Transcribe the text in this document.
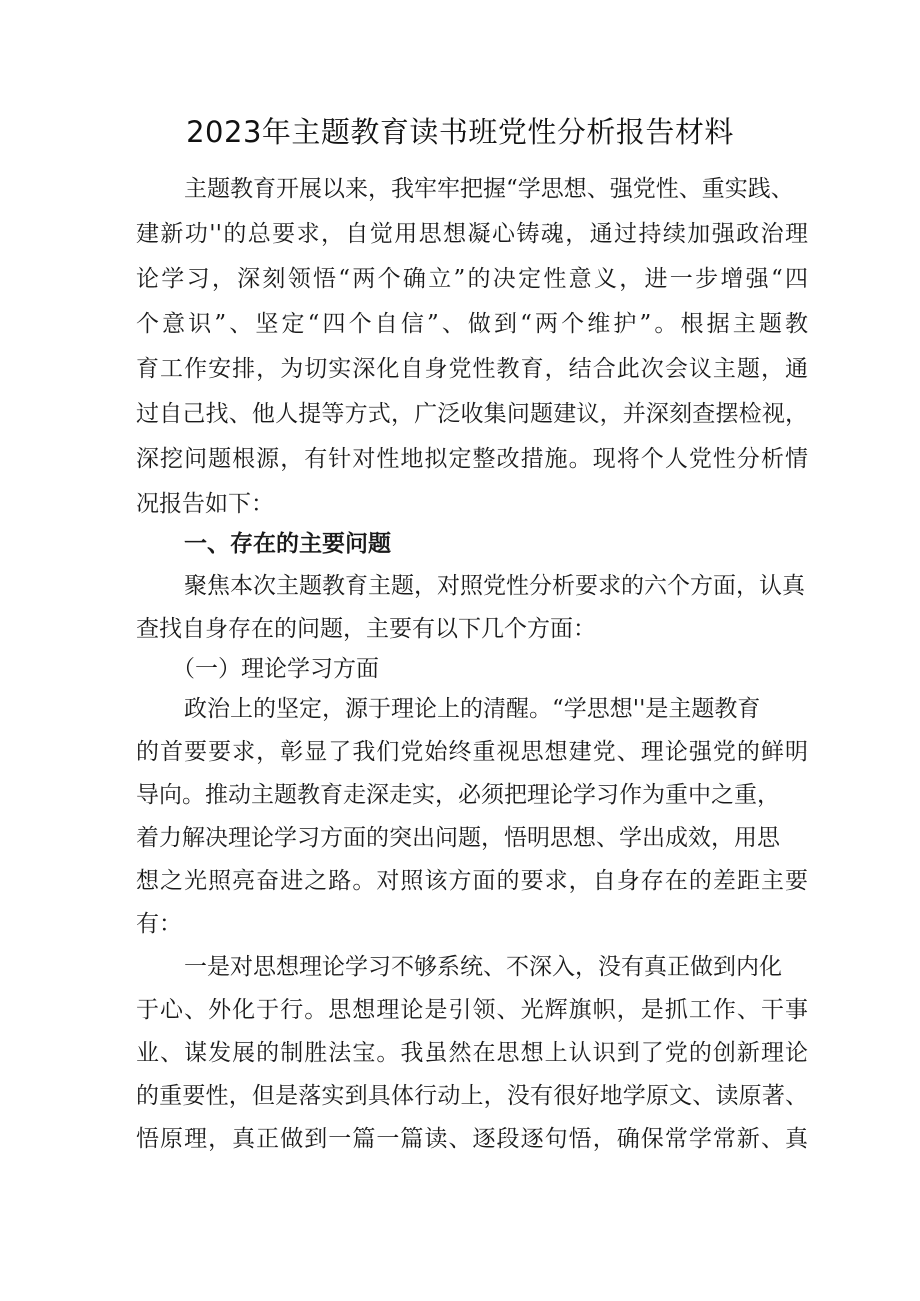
2023年主题教育读书班党性分析报告材料
主题教育开展以来，我牢牢把握“学思想、强党性、重实践、
建新功''的总要求，自觉用思想凝心铸魂，通过持续加强政治理
论学习，深刻领悟“两个确立”的决定性意义，进一步增强“四
个意识”、坚定“四个自信”、做到“两个维护”。根据主题教
育工作安排，为切实深化自身党性教育，结合此次会议主题，通
过自己找、他人提等方式，广泛收集问题建议，并深刻查摆检视，
深挖问题根源，有针对性地拟定整改措施。现将个人党性分析情
况报告如下：
一、存在的主要问题
聚焦本次主题教育主题，对照党性分析要求的六个方面，认真
查找自身存在的问题，主要有以下几个方面：
（一）理论学习方面
政治上的坚定，源于理论上的清醒。“学思想''是主题教育
的首要要求，彰显了我们党始终重视思想建党、理论强党的鲜明
导向。推动主题教育走深走实，必须把理论学习作为重中之重，
着力解决理论学习方面的突出问题，悟明思想、学出成效，用思
想之光照亮奋进之路。对照该方面的要求，自身存在的差距主要
有：
一是对思想理论学习不够系统、不深入，没有真正做到内化
于心、外化于行。思想理论是引领、光辉旗帜，是抓工作、干事
业、谋发展的制胜法宝。我虽然在思想上认识到了党的创新理论
的重要性，但是落实到具体行动上，没有很好地学原文、读原著、
悟原理，真正做到一篇一篇读、逐段逐句悟，确保常学常新、真
